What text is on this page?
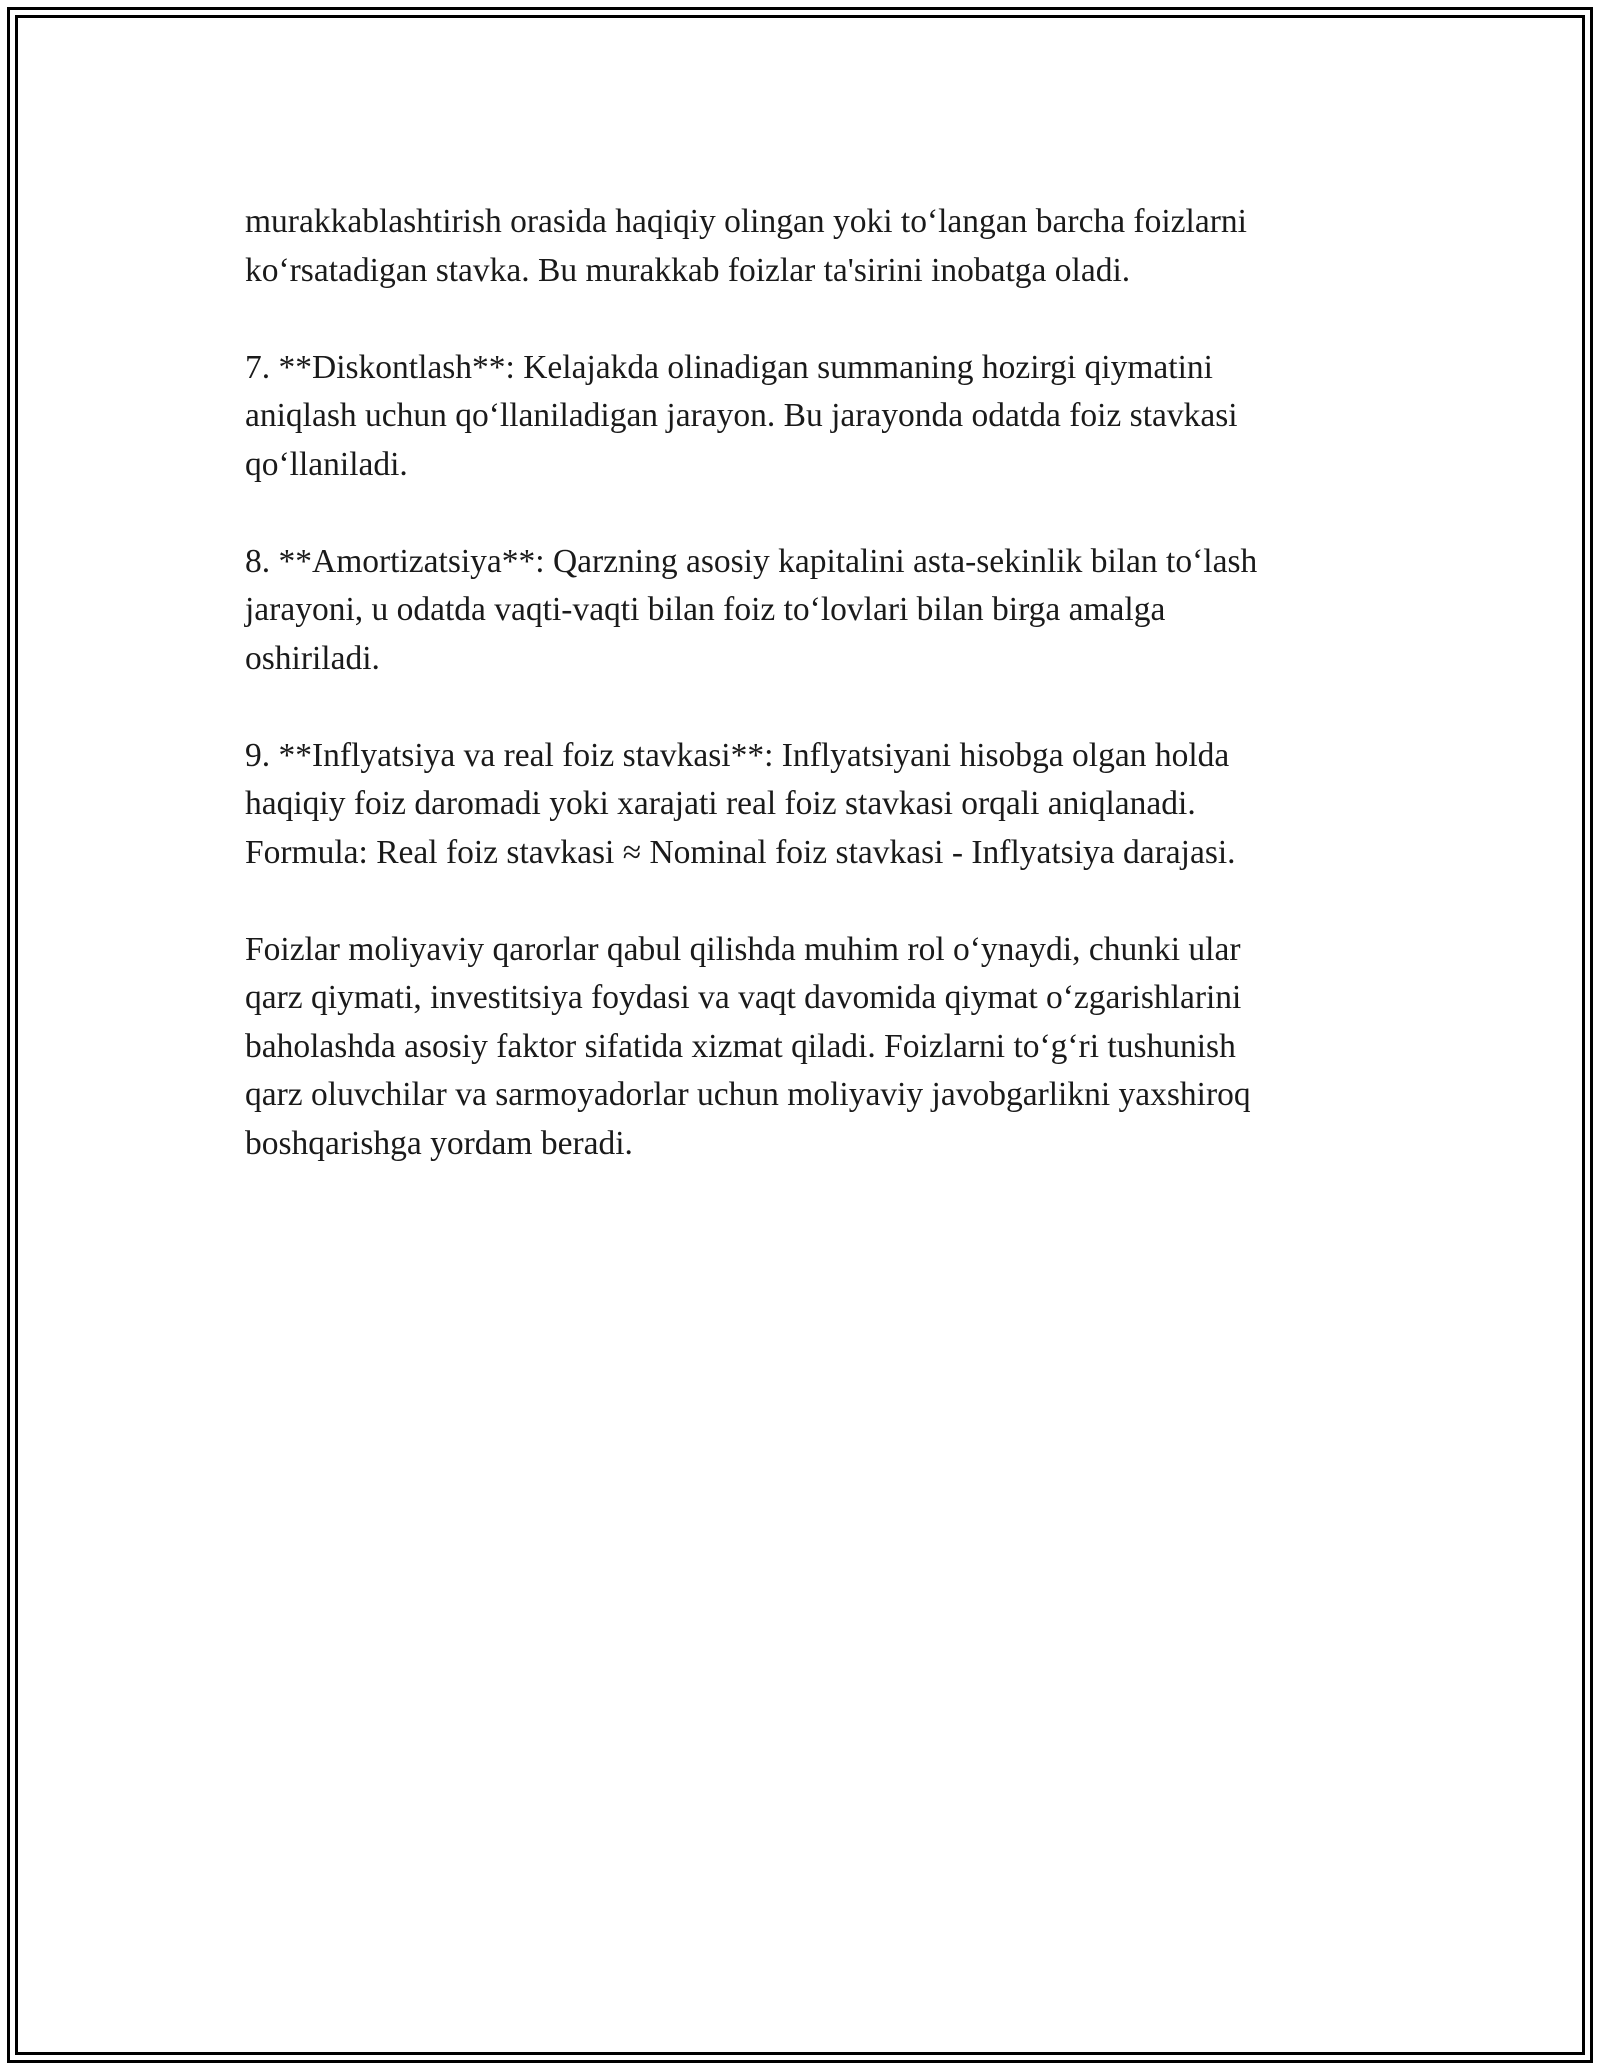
murakkablashtirish orasida haqiqiy olingan yoki to‘langan barcha foizlarni
ko‘rsatadigan stavka. Bu murakkab foizlar ta'sirini inobatga oladi.

7. **Diskontlash**: Kelajakda olinadigan summaning hozirgi qiymatini
aniqlash uchun qo‘llaniladigan jarayon. Bu jarayonda odatda foiz stavkasi
qo‘llaniladi.

8. **Amortizatsiya**: Qarzning asosiy kapitalini asta-sekinlik bilan to‘lash
jarayoni, u odatda vaqti-vaqti bilan foiz to‘lovlari bilan birga amalga
oshiriladi.

9. **Inflyatsiya va real foiz stavkasi**: Inflyatsiyani hisobga olgan holda
haqiqiy foiz daromadi yoki xarajati real foiz stavkasi orqali aniqlanadi.
Formula: Real foiz stavkasi ≈ Nominal foiz stavkasi - Inflyatsiya darajasi.

Foizlar moliyaviy qarorlar qabul qilishda muhim rol o‘ynaydi, chunki ular
qarz qiymati, investitsiya foydasi va vaqt davomida qiymat o‘zgarishlarini
baholashda asosiy faktor sifatida xizmat qiladi. Foizlarni to‘g‘ri tushunish
qarz oluvchilar va sarmoyadorlar uchun moliyaviy javobgarlikni yaxshiroq
boshqarishga yordam beradi.
